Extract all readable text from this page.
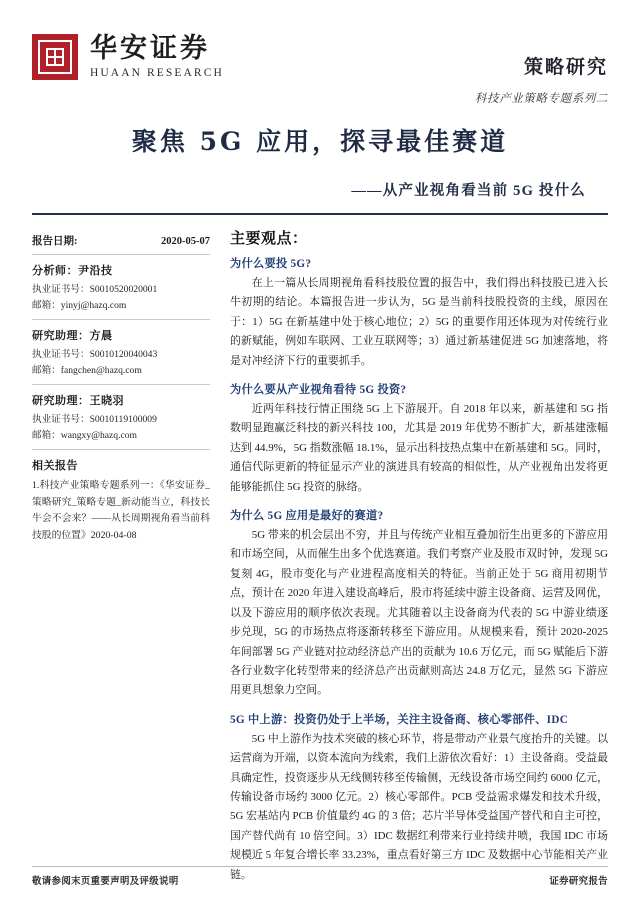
华安证券
HUAAN RESEARCH	策略研究
科技产业策略专题系列二
聚焦 5G 应用，探寻最佳赛道
——从产业视角看当前 5G 投什么
报告日期:	2020-05-07
分析师：尹沿技
执业证书号：S0010520020001
邮箱：yinyj@hazq.com
研究助理：方晨
执业证书号：S0010120040043
邮箱：fangchen@hazq.com
研究助理：王晓羽
执业证书号：S0010119100009
邮箱：wangxy@hazq.com
相关报告
1.科技产业策略专题系列一：《华安证券_策略研究_策略专题_新动能当立，科技长牛会不会来？——从长周期视角看当前科技股的位置》2020-04-08
主要观点：
为什么要投 5G?

在上一篇从长周期视角看科技股位置的报告中，我们得出科技股已进入长牛初期的结论。本篇报告进一步认为，5G 是当前科技股投资的主线，原因在于：1）5G 在新基建中处于核心地位；2）5G 的重要作用还体现为对传统行业的新赋能，例如车联网、工业互联网等；3）通过新基建促进 5G 加速落地，将是对冲经济下行的重要抓手。

为什么要从产业视角看待 5G 投资?

近两年科技行情正围绕 5G 上下游展开。自 2018 年以来，新基建和 5G 指数明显跑赢泛科技的新兴科技 100，尤其是 2019 年优势不断扩大，新基建涨幅达到 44.9%，5G 指数涨幅 18.1%，显示出科技热点集中在新基建和 5G。同时，通信代际更新的特征显示产业的演进具有较高的相似性，从产业视角出发将更能够能抓住 5G 投资的脉络。

为什么 5G 应用是最好的赛道?

5G 带来的机会层出不穷，并且与传统产业相互叠加衍生出更多的下游应用和市场空间，从而催生出多个优选赛道。我们考察产业及股市双时钟，发现 5G 复刻 4G，股市变化与产业进程高度相关的特征。当前正处于 5G 商用初期节点，预计在 2020 年进入建设高峰后，股市将延续中游主设备商、运营及网优，以及下游应用的顺序依次表现。尤其随着以主设备商为代表的 5G 中游业绩逐步兑现，5G 的市场热点将逐渐转移至下游应用。从规模来看，预计 2020-2025 年间部署 5G 产业链对拉动经济总产出的贡献为 10.6 万亿元，而 5G 赋能后下游各行业数字化转型带来的经济总产出贡献则高达 24.8 万亿元，显然 5G 下游应用更具想象力空间。

5G 中上游：投资仍处于上半场，关注主设备商、核心零部件、IDC

5G 中上游作为技术突破的核心环节，将是带动产业景气度抬升的关键。以运营商为开端，以资本流向为线索，我们上游依次看好：1）主设备商。受益最具确定性，投资逐步从无线侧转移至传输侧，无线设备市场空间约 6000 亿元，传输设备市场约 3000 亿元。2）核心零部件。PCB 受益需求爆发和技术升级，5G 宏基站内 PCB 价值量约 4G 的 3 倍；芯片半导体受益国产替代和自主可控，国产替代尚有 10 倍空间。3）IDC 数据红利带来行业持续井喷，我国 IDC 市场规模近 5 年复合增长率 33.23%，重点看好第三方 IDC 及数据中心节能相关产业链。

敬请参阅末页重要声明及评级说明	证券研究报告
